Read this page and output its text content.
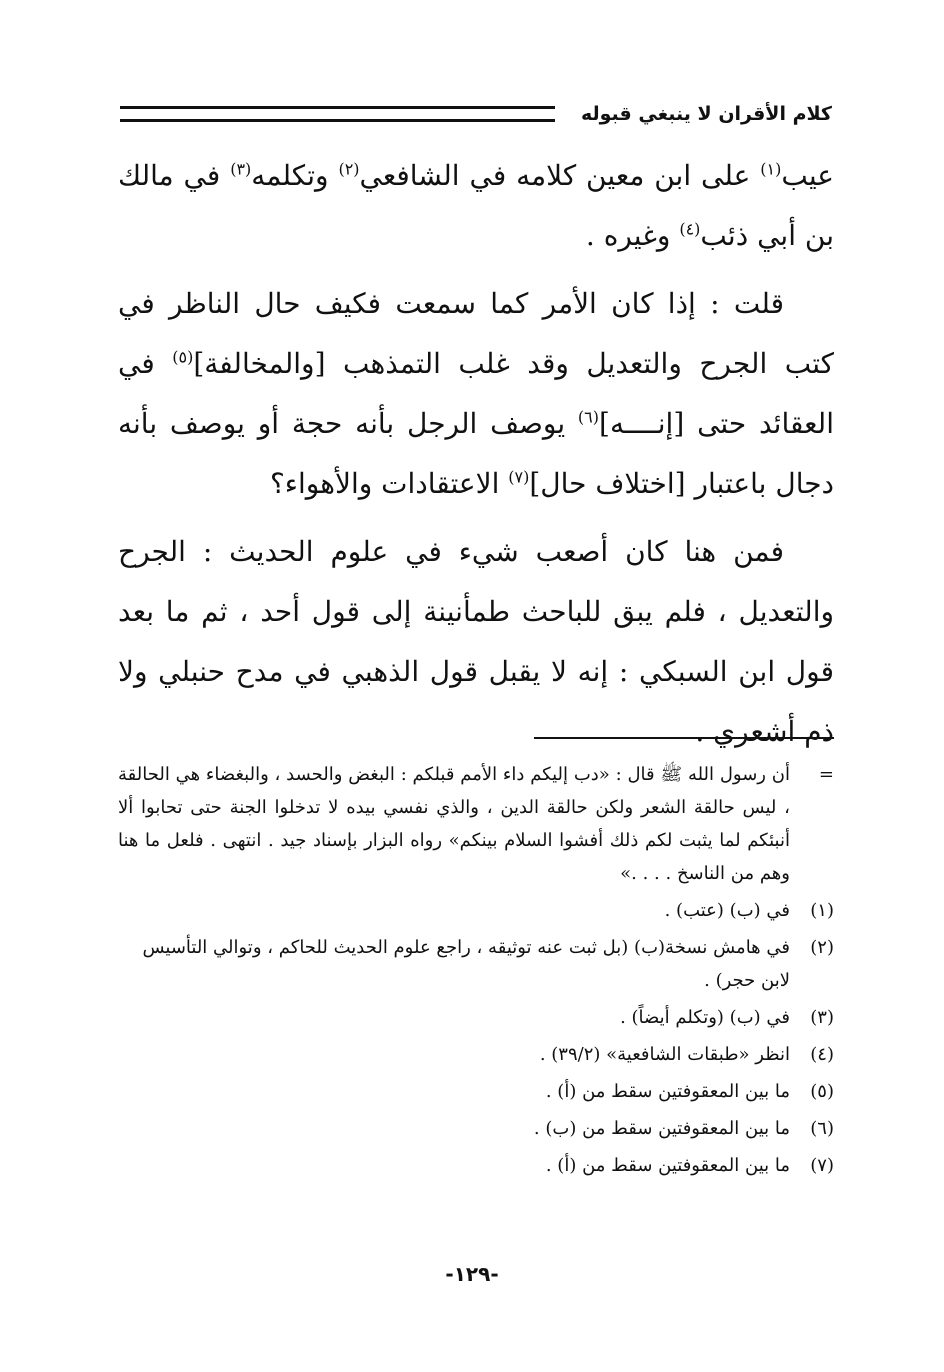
كلام الأقران لا ينبغي قبوله

عيب$^{(١)}$ على ابن معين كلامه في الشافعي$^{(٢)}$ وتكلمه$^{(٣)}$ في مالك بن أبي ذئب$^{(٤)}$ وغيره .

قلت : إذا كان الأمر كما سمعت فكيف حال الناظر في كتب الجرح والتعديل وقد غلب التمذهب [والمخالفة]$^{(٥)}$ في العقائد حتى [إنــــه]$^{(٦)}$ يوصف الرجل بأنه حجة أو يوصف بأنه دجال باعتبار [اختلاف حال]$^{(٧)}$ الاعتقادات والأهواء؟

فمن هنا كان أصعب شيء في علوم الحديث : الجرح والتعديل ، فلم يبق للباحث طمأنينة إلى قول أحد ، ثم ما بعد قول ابن السبكي : إنه لا يقبل قول الذهبي في مدح حنبلي ولا ذم أشعري .

=
أن رسول الله ﷺ قال : «دب إليكم داء الأمم قبلكم : البغض والحسد ، والبغضاء هي الحالقة ، ليس حالقة الشعر ولكن حالقة الدين ، والذي نفسي بيده لا تدخلوا الجنة حتى تحابوا ألا أنبئكم لما يثبت لكم ذلك أفشوا السلام بينكم» رواه البزار بإسناد جيد . انتهى . فلعل ما هنا وهم من الناسخ . . . .»
(١)
في (ب) (عتب) .
(٢)
في هامش نسخة(ب) (بل ثبت عنه توثيقه ، راجع علوم الحديث للحاكم ، وتوالي التأسيس لابن حجر) .
(٣)
في (ب) (وتكلم أيضاً) .
(٤)
انظر «طبقات الشافعية» (٣٩/٢) .
(٥)
ما بين المعقوفتين سقط من (أ) .
(٦)
ما بين المعقوفتين سقط من (ب) .
(٧)
ما بين المعقوفتين سقط من (أ) .
-١٢٩-
